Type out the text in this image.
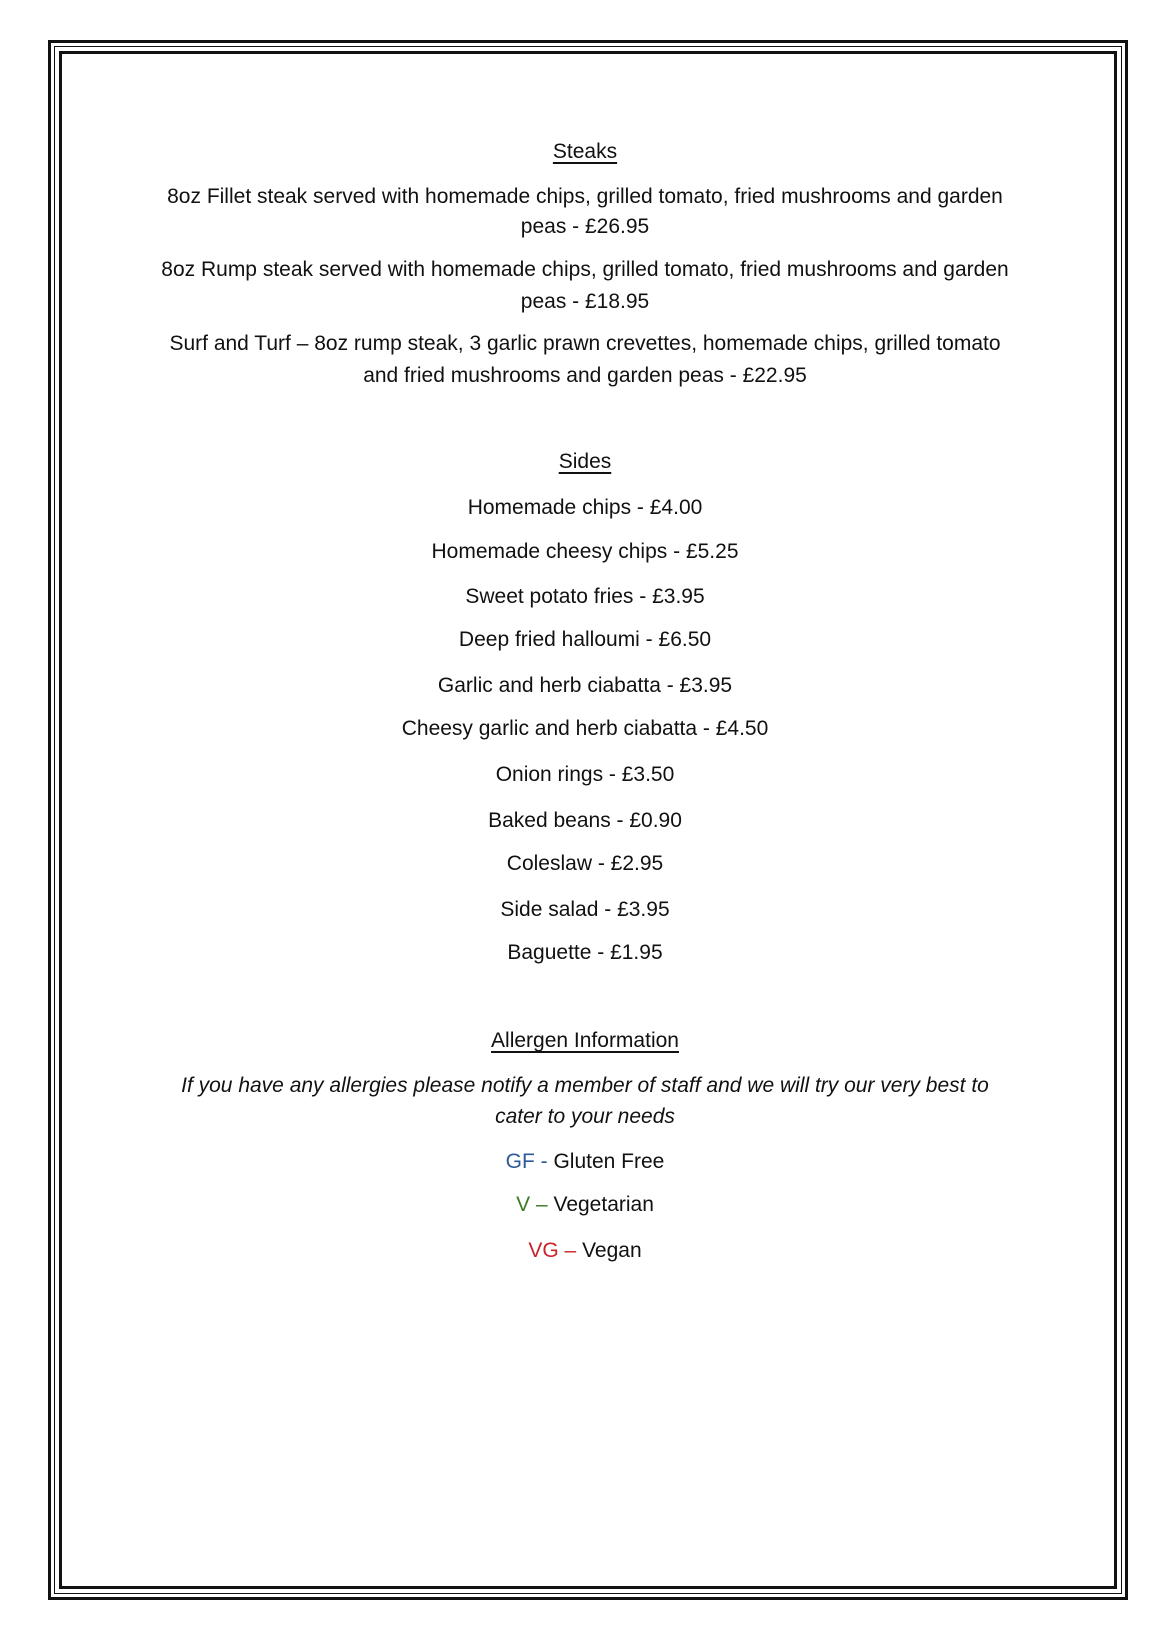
Steaks
8oz Fillet steak served with homemade chips, grilled tomato, fried mushrooms and garden
peas - £26.95
8oz Rump steak served with homemade chips, grilled tomato, fried mushrooms and garden
peas - £18.95
Surf and Turf – 8oz rump steak, 3 garlic prawn crevettes, homemade chips, grilled tomato
and fried mushrooms and garden peas - £22.95
Sides
Homemade chips - £4.00
Homemade cheesy chips - £5.25
Sweet potato fries - £3.95
Deep fried halloumi - £6.50
Garlic and herb ciabatta - £3.95
Cheesy garlic and herb ciabatta - £4.50
Onion rings - £3.50
Baked beans - £0.90
Coleslaw - £2.95
Side salad - £3.95
Baguette - £1.95
Allergen Information
If you have any allergies please notify a member of staff and we will try our very best to
cater to your needs
GF - Gluten Free
V – Vegetarian
VG – Vegan
